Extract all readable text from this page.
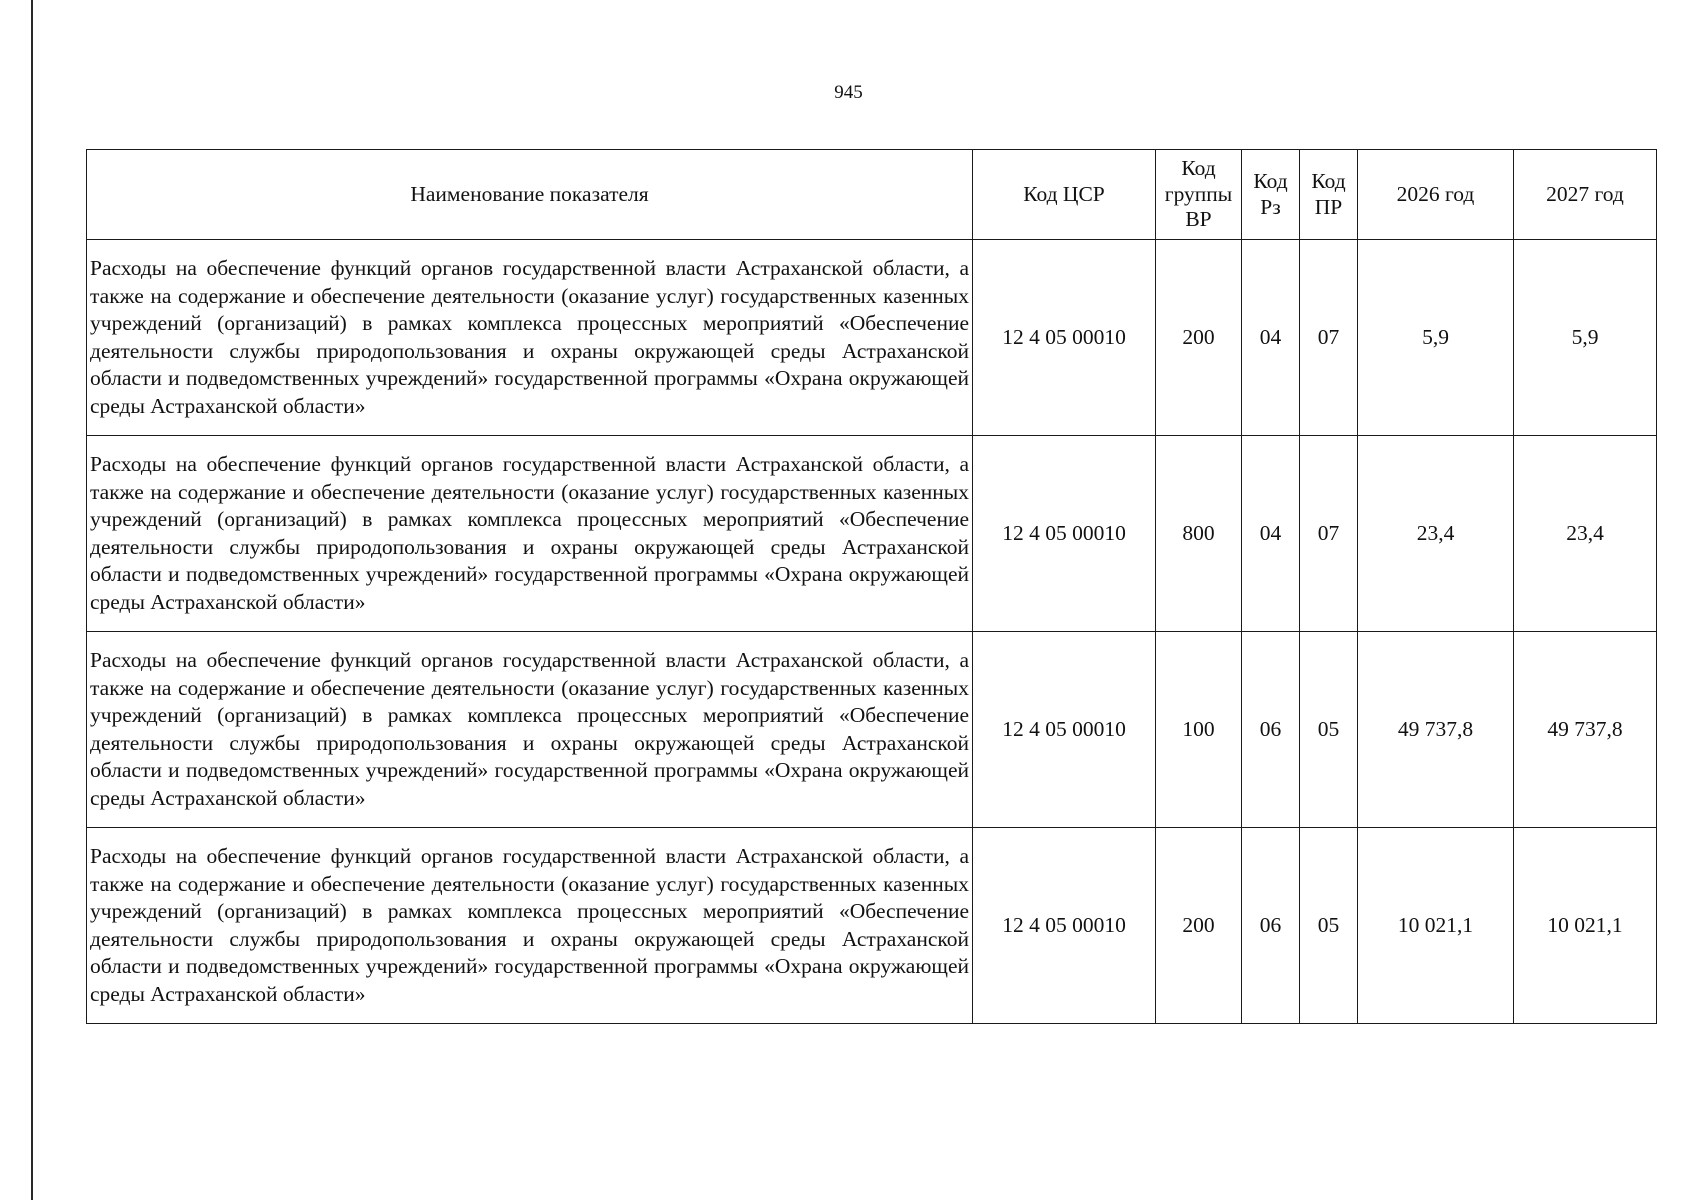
945
Наименование показателя	Код ЦСР	Код группы ВР	Код Рз	Код ПР	2026 год	2027 год
Расходы на обеспечение функций органов государственной власти Астраханской области, а также на содержание и обеспечение деятельности (оказание услуг) государственных казенных учреждений (организаций) в рамках комплекса процессных мероприятий «Обеспечение деятельности службы природопользования и охраны окружающей среды Астраханской области и подведомственных учреждений» государственной программы «Охрана окружающей среды Астраханской области»	12 4 05 00010	200	04	07	5,9	5,9
Расходы на обеспечение функций органов государственной власти Астраханской области, а также на содержание и обеспечение деятельности (оказание услуг) государственных казенных учреждений (организаций) в рамках комплекса процессных мероприятий «Обеспечение деятельности службы природопользования и охраны окружающей среды Астраханской области и подведомственных учреждений» государственной программы «Охрана окружающей среды Астраханской области»	12 4 05 00010	800	04	07	23,4	23,4
Расходы на обеспечение функций органов государственной власти Астраханской области, а также на содержание и обеспечение деятельности (оказание услуг) государственных казенных учреждений (организаций) в рамках комплекса процессных мероприятий «Обеспечение деятельности службы природопользования и охраны окружающей среды Астраханской области и подведомственных учреждений» государственной программы «Охрана окружающей среды Астраханской области»	12 4 05 00010	100	06	05	49 737,8	49 737,8
Расходы на обеспечение функций органов государственной власти Астраханской области, а также на содержание и обеспечение деятельности (оказание услуг) государственных казенных учреждений (организаций) в рамках комплекса процессных мероприятий «Обеспечение деятельности службы природопользования и охраны окружающей среды Астраханской области и подведомственных учреждений» государственной программы «Охрана окружающей среды Астраханской области»	12 4 05 00010	200	06	05	10 021,1	10 021,1
